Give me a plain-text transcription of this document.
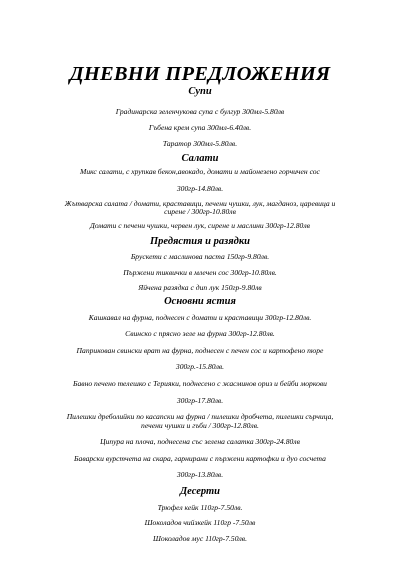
ДНЕВНИ ПРЕДЛОЖЕНИЯ
Супи
Градинарска зеленчукова супа с булгур 300мл-5.80лв
Гъбена крем супа 300мл-6.40лв.
Таратор 300мл-5.80лв.
Салати
Микс салати, с хрупкав бекон,авокадо, домати и майонезено горчичен сос
300гр-14.80лв.
Жътварска салата / домати, краставици, печени чушки, лук, магданоз, царевица и
сирене / 300гр-10.80лв
Домати с печени чушки, червен лук, сирене и маслини 300гр-12.80лв
Предястия и разядки
Брускети с маслинова паста 150гр-9.80лв.
Пържени тиквички в млечен сос 300гр-10.80лв.
Яйчена разядка с дип лук 150гр-9.80лв
Основни ястия
Кашкавал на фурна, поднесен с домати и краставици 300гр-12.80лв.
Свинско с прясно зеле на фурна 300гр-12.80лв.
Паприкован свински врат на фурна, поднесен с печен сос и картофено пюре
300гр.-15.80лв.
Бавно печено телешко с Терияки, поднесено с жасминов ориз и бейби моркови
300гр-17.80лв.
Пилешки дреболийки по касапски на фурна / пилешки дробчета, пилешки сърчица,
печени чушки и гъби / 300гр-12.80лв.
Ципура на плоча, поднесена със зелена салатка 300гр-24.80лв
Баварски вурстчета на скара, гарнирани с пържени картофки и дуо сосчета
300гр-13.80лв.
Десерти
Трюфел кейк 110гр-7.50лв.
Шоколадов чийзкейк 110гр -7.50лв
Шоколадов мус 110гр-7.50лв.
